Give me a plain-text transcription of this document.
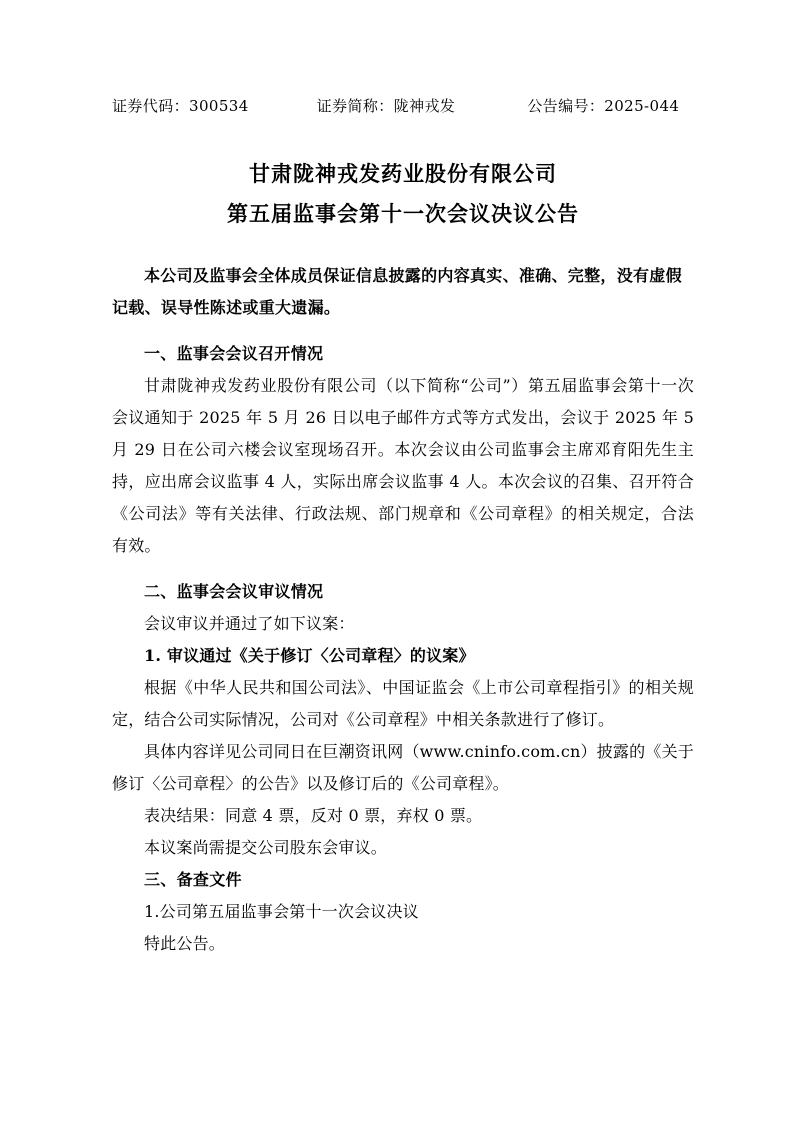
证券代码：300534	证券简称：陇神戎发	公告编号：2025-044
甘肃陇神戎发药业股份有限公司
第五届监事会第十一次会议决议公告
本公司及监事会全体成员保证信息披露的内容真实、准确、完整，没有虚假记载、误导性陈述或重大遗漏。
一、监事会会议召开情况

甘肃陇神戎发药业股份有限公司（以下简称“公司”）第五届监事会第十一次会议通知于 2025 年 5 月 26 日以电子邮件方式等方式发出，会议于 2025 年 5 月 29 日在公司六楼会议室现场召开。本次会议由公司监事会主席邓育阳先生主持，应出席会议监事 4 人，实际出席会议监事 4 人。本次会议的召集、召开符合《公司法》等有关法律、行政法规、部门规章和《公司章程》的相关规定，合法有效。

二、监事会会议审议情况

会议审议并通过了如下议案：

1. 审议通过《关于修订〈公司章程〉的议案》

根据《中华人民共和国公司法》、中国证监会《上市公司章程指引》的相关规定，结合公司实际情况，公司对《公司章程》中相关条款进行了修订。

具体内容详见公司同日在巨潮资讯网（www.cninfo.com.cn）披露的《关于修订〈公司章程〉的公告》以及修订后的《公司章程》。

表决结果：同意 4 票，反对 0 票，弃权 0 票。

本议案尚需提交公司股东会审议。

三、备查文件

1.公司第五届监事会第十一次会议决议

特此公告。
